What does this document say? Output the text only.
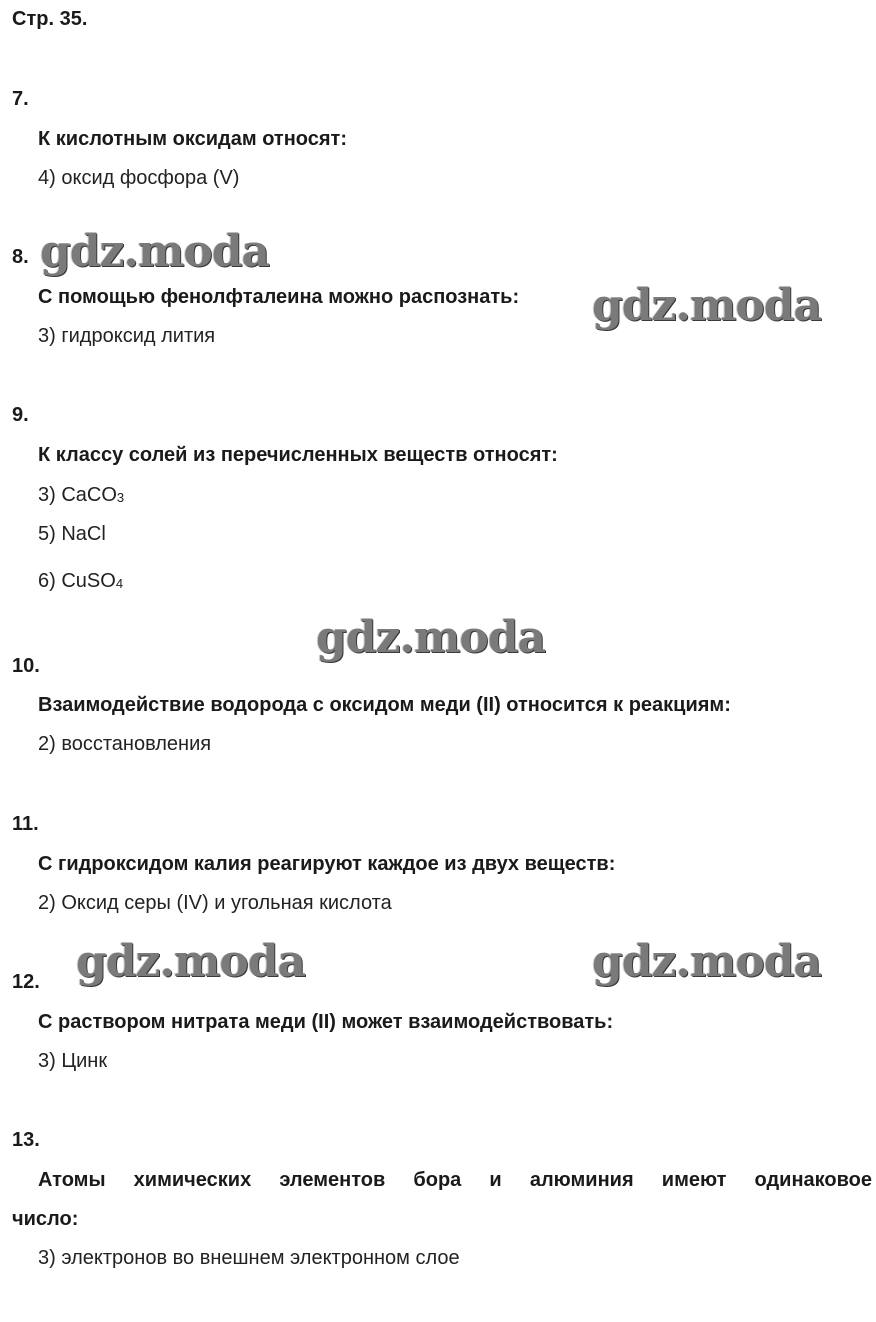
Стр. 35.
gdz.moda
gdz.moda
gdz.moda
gdz.moda	gdz.moda
7.
К кислотным оксидам относят:
4) оксид фосфора (V)
8.
С помощью фенолфталеина можно распознать:
3) гидроксид лития
9.
К классу солей из перечисленных веществ относят:
3) CaCO$_3$
5) NaCl
6) CuSO$_4$
10.
Взаимодействие водорода с оксидом меди (II) относится к реакциям:
2) восстановления
11.
С гидроксидом калия реагируют каждое из двух веществ:
2) Оксид серы (IV) и угольная кислота
12.
С раствором нитрата меди (II) может взаимодействовать:
3) Цинк
13.
Атомы химических элементов бора и алюминия имеют одинаковое
число:
3) электронов во внешнем электронном слое
